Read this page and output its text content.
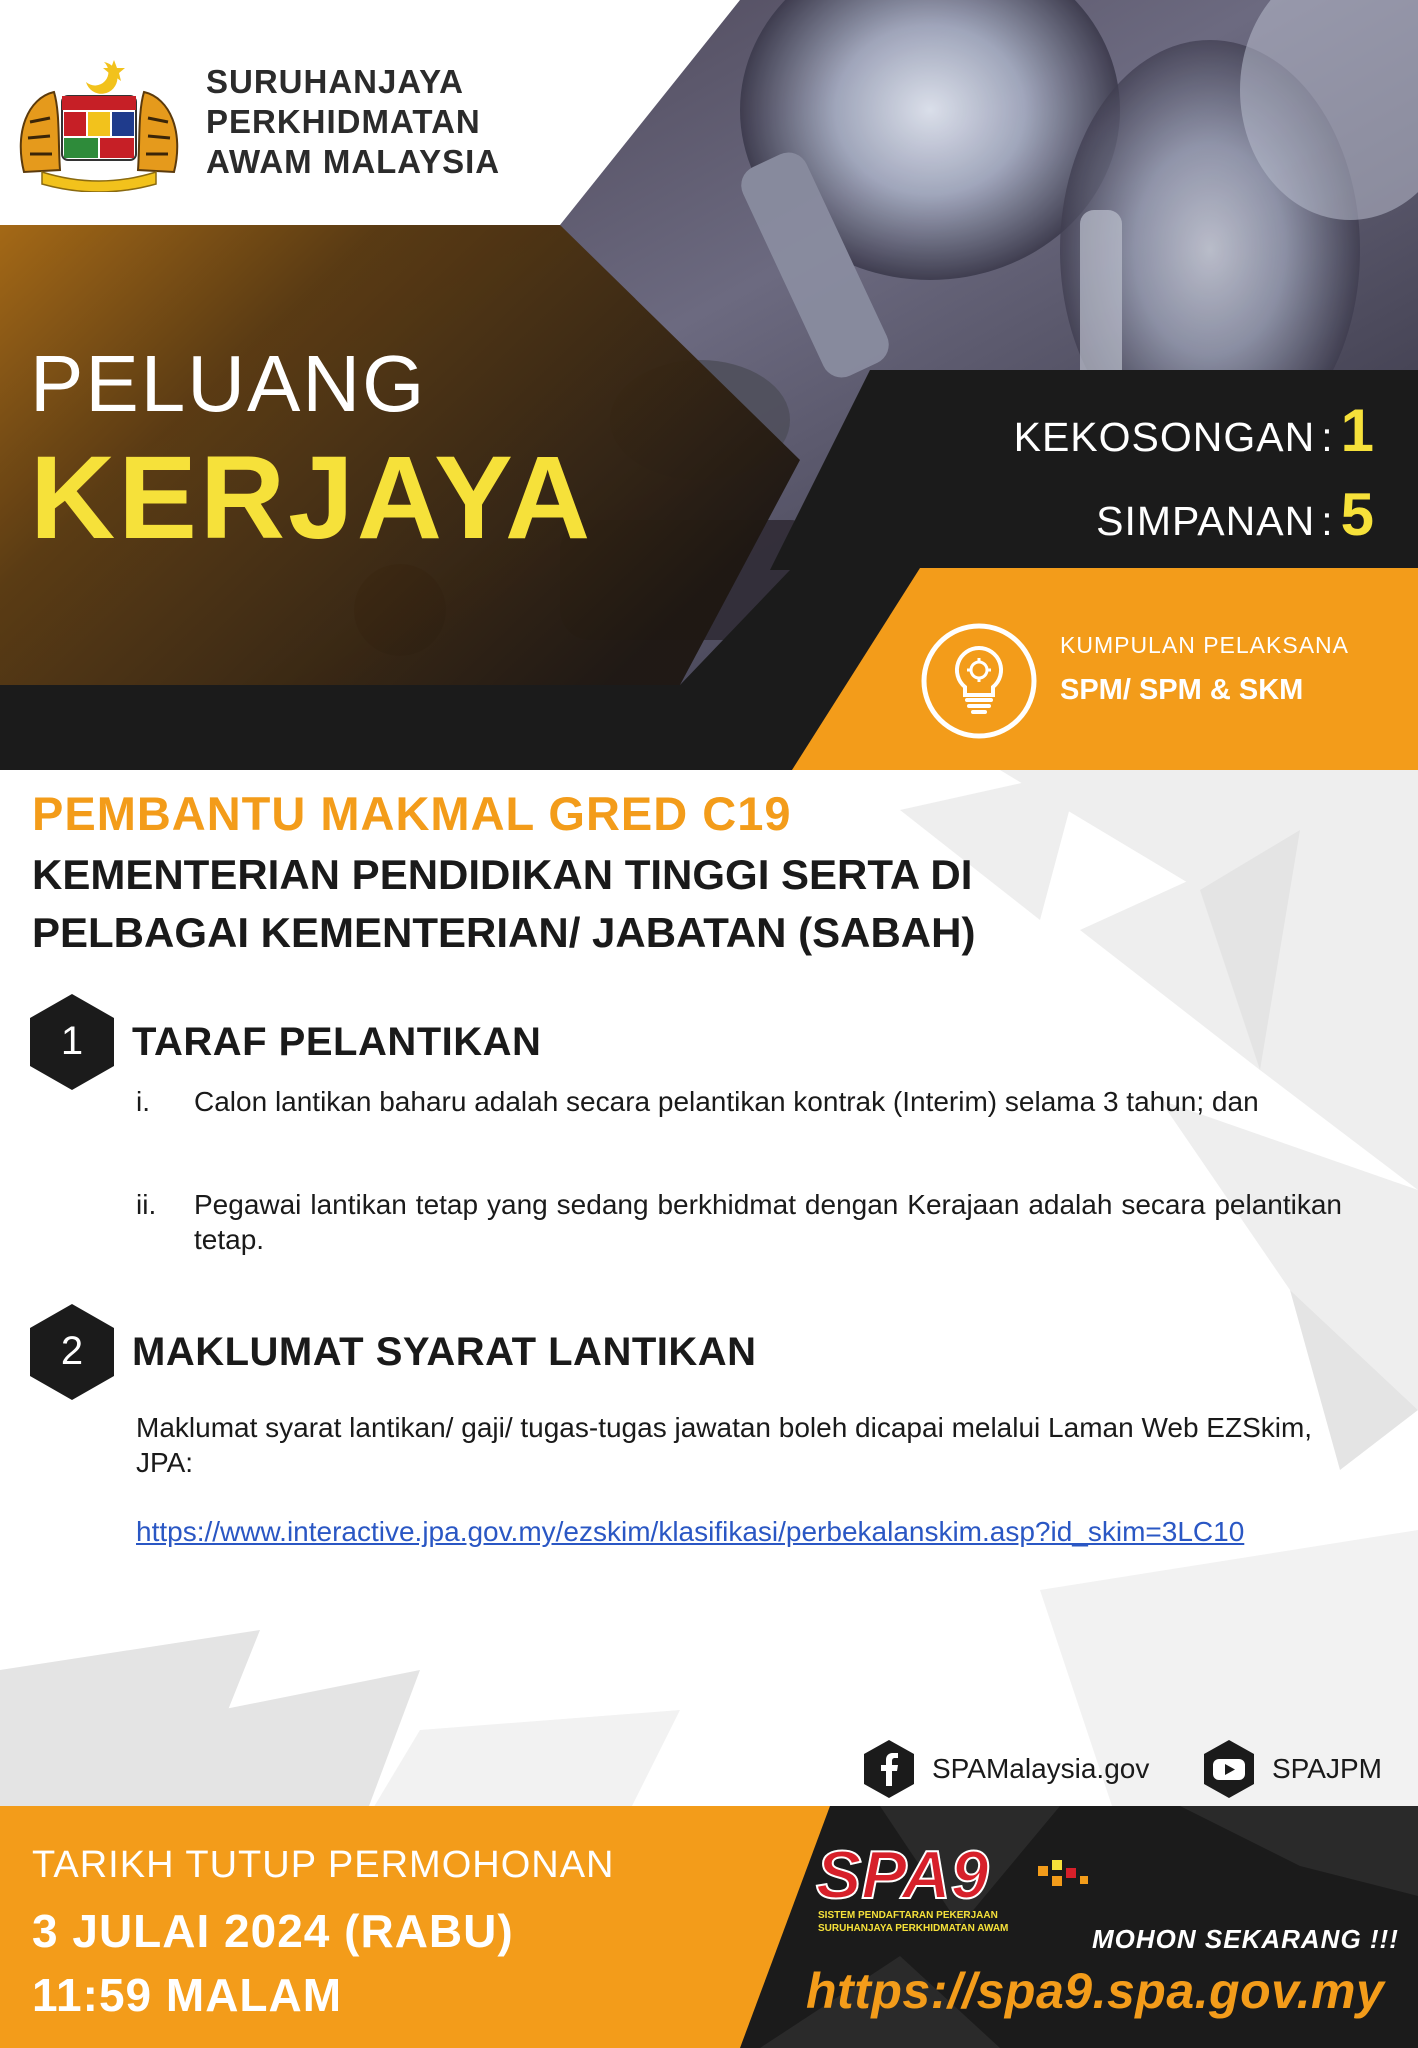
SURUHANJAYA
PERKHIDMATAN
AWAM MALAYSIA
PELUANG
KERJAYA	KEKOSONGAN : 1
SIMPANAN : 5
KUMPULAN PELAKSANA
SPM/ SPM & SKM
PEMBANTU MAKMAL GRED C19
KEMENTERIAN PENDIDIKAN TINGGI SERTA DI
PELBAGAI KEMENTERIAN/ JABATAN (SABAH)
1	TARAF PELANTIKAN
i.	Calon lantikan baharu adalah secara pelantikan kontrak (Interim) selama 3 tahun; dan
ii.	Pegawai lantikan tetap yang sedang berkhidmat dengan Kerajaan adalah secara pelantikan tetap.
2	MAKLUMAT SYARAT LANTIKAN
Maklumat syarat lantikan/ gaji/ tugas-tugas jawatan boleh dicapai melalui Laman Web EZSkim, JPA:
https://www.interactive.jpa.gov.my/ezskim/klasifikasi/perbekalanskim.asp?id_skim=3LC10
SPAMalaysia.gov	SPAJPM
TARIKH TUTUP PERMOHONAN
3 JULAI 2024 (RABU)
11:59 MALAM
SPA9
SISTEM PENDAFTARAN PEKERJAAN
SURUHANJAYA PERKHIDMATAN AWAM	MOHON SEKARANG !!!
https://spa9.spa.gov.my
